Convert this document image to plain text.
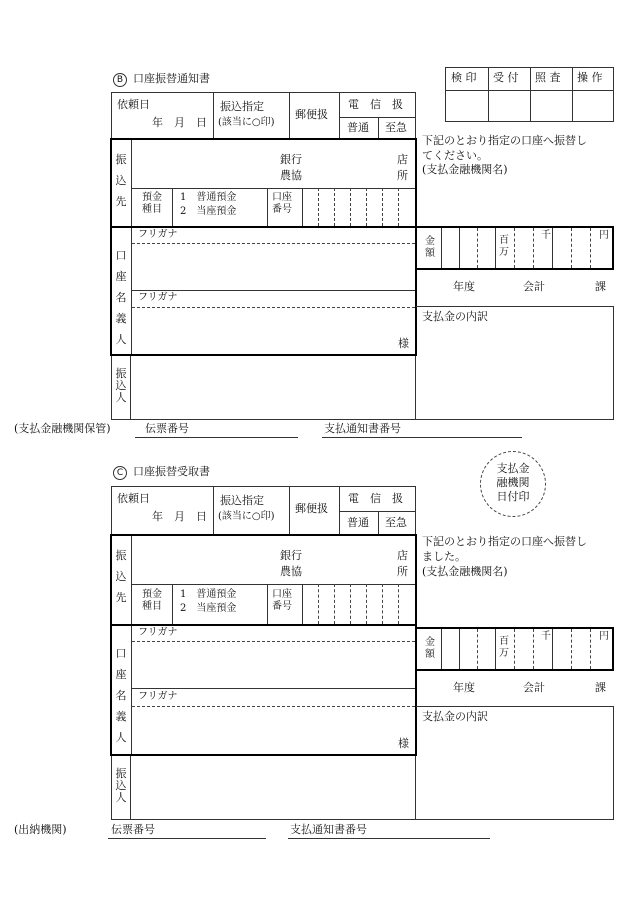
検 印 受 付 照 査 操 作
B 口座振替通知書
依頼日
年　月　日
振込指定
(該当に○印)
郵便扱
電　信　扱
普通 至急
振込先
銀行
農協
店
所
預金
種目
1　普通預金
2　当座預金
口座
番号
口座名義人
フリガナ
フリガナ
様
振込人
下記のとおり指定の口座へ振替し
てください。
(支払金融機関名)
金
額
百
万
千	円
年度	会計	課
支払金の内訳
(支払金融機関保管)	伝票番号	支払通知書番号
支払金
融機関
日付印
C 口座振替受取書
依頼日
年　月　日
振込指定
(該当に○印)
郵便扱
電　信　扱
普通 至急
振込先
銀行
農協
店
所
預金
種目
1　普通預金
2　当座預金
口座
番号
口座名義人
フリガナ
フリガナ
様
振込人
下記のとおり指定の口座へ振替し
ました。
(支払金融機関名)
金
額
百
万
千	円
年度	会計	課
支払金の内訳
(出納機関)	伝票番号	支払通知書番号
